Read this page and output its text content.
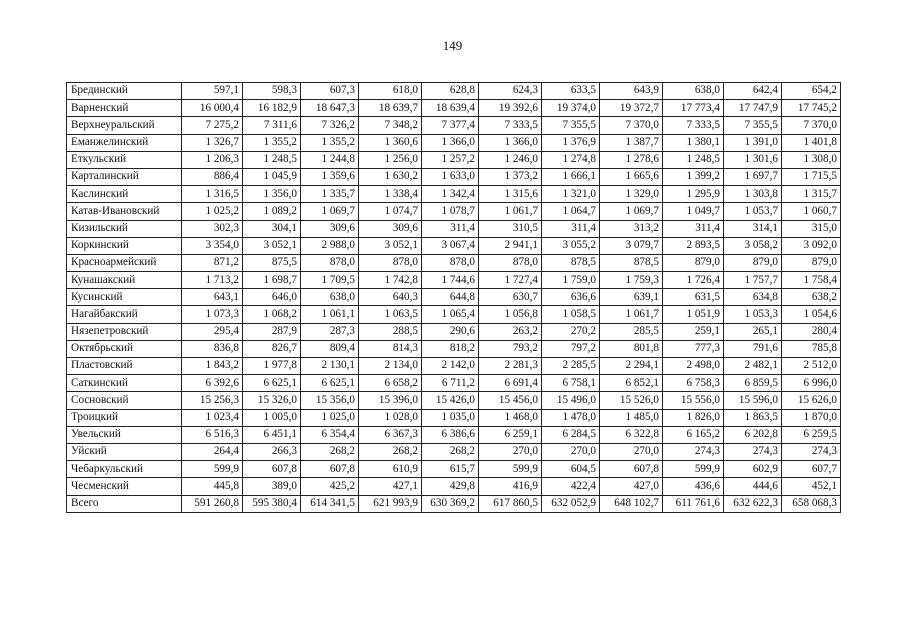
149
Брединский	597,1	598,3	607,3	618,0	628,8	624,3	633,5	643,9	638,0	642,4	654,2
Варненский	16 000,4	16 182,9	18 647,3	18 639,7	18 639,4	19 392,6	19 374,0	19 372,7	17 773,4	17 747,9	17 745,2
Верхнеуральский	7 275,2	7 311,6	7 326,2	7 348,2	7 377,4	7 333,5	7 355,5	7 370,0	7 333,5	7 355,5	7 370,0
Еманжелинский	1 326,7	1 355,2	1 355,2	1 360,6	1 366,0	1 366,0	1 376,9	1 387,7	1 380,1	1 391,0	1 401,8
Еткульский	1 206,3	1 248,5	1 244,8	1 256,0	1 257,2	1 246,0	1 274,8	1 278,6	1 248,5	1 301,6	1 308,0
Карталинский	886,4	1 045,9	1 359,6	1 630,2	1 633,0	1 373,2	1 666,1	1 665,6	1 399,2	1 697,7	1 715,5
Каслинский	1 316,5	1 356,0	1 335,7	1 338,4	1 342,4	1 315,6	1 321,0	1 329,0	1 295,9	1 303,8	1 315,7
Катав-Ивановский	1 025,2	1 089,2	1 069,7	1 074,7	1 078,7	1 061,7	1 064,7	1 069,7	1 049,7	1 053,7	1 060,7
Кизильский	302,3	304,1	309,6	309,6	311,4	310,5	311,4	313,2	311,4	314,1	315,0
Коркинский	3 354,0	3 052,1	2 988,0	3 052,1	3 067,4	2 941,1	3 055,2	3 079,7	2 893,5	3 058,2	3 092,0
Красноармейский	871,2	875,5	878,0	878,0	878,0	878,0	878,5	878,5	879,0	879,0	879,0
Кунашакский	1 713,2	1 698,7	1 709,5	1 742,8	1 744,6	1 727,4	1 759,0	1 759,3	1 726,4	1 757,7	1 758,4
Кусинский	643,1	646,0	638,0	640,3	644,8	630,7	636,6	639,1	631,5	634,8	638,2
Нагайбакский	1 073,3	1 068,2	1 061,1	1 063,5	1 065,4	1 056,8	1 058,5	1 061,7	1 051,9	1 053,3	1 054,6
Нязепетровский	295,4	287,9	287,3	288,5	290,6	263,2	270,2	285,5	259,1	265,1	280,4
Октябрьский	836,8	826,7	809,4	814,3	818,2	793,2	797,2	801,8	777,3	791,6	785,8
Пластовский	1 843,2	1 977,8	2 130,1	2 134,0	2 142,0	2 281,3	2 285,5	2 294,1	2 498,0	2 482,1	2 512,0
Саткинский	6 392,6	6 625,1	6 625,1	6 658,2	6 711,2	6 691,4	6 758,1	6 852,1	6 758,3	6 859,5	6 996,0
Сосновский	15 256,3	15 326,0	15 356,0	15 396,0	15 426,0	15 456,0	15 496,0	15 526,0	15 556,0	15 596,0	15 626,0
Троицкий	1 023,4	1 005,0	1 025,0	1 028,0	1 035,0	1 468,0	1 478,0	1 485,0	1 826,0	1 863,5	1 870,0
Увельский	6 516,3	6 451,1	6 354,4	6 367,3	6 386,6	6 259,1	6 284,5	6 322,8	6 165,2	6 202,8	6 259,5
Уйский	264,4	266,3	268,2	268,2	268,2	270,0	270,0	270,0	274,3	274,3	274,3
Чебаркульский	599,9	607,8	607,8	610,9	615,7	599,9	604,5	607,8	599,9	602,9	607,7
Чесменский	445,8	389,0	425,2	427,1	429,8	416,9	422,4	427,0	436,6	444,6	452,1
Всего	591 260,8	595 380,4	614 341,5	621 993,9	630 369,2	617 860,5	632 052,9	648 102,7	611 761,6	632 622,3	658 068,3
